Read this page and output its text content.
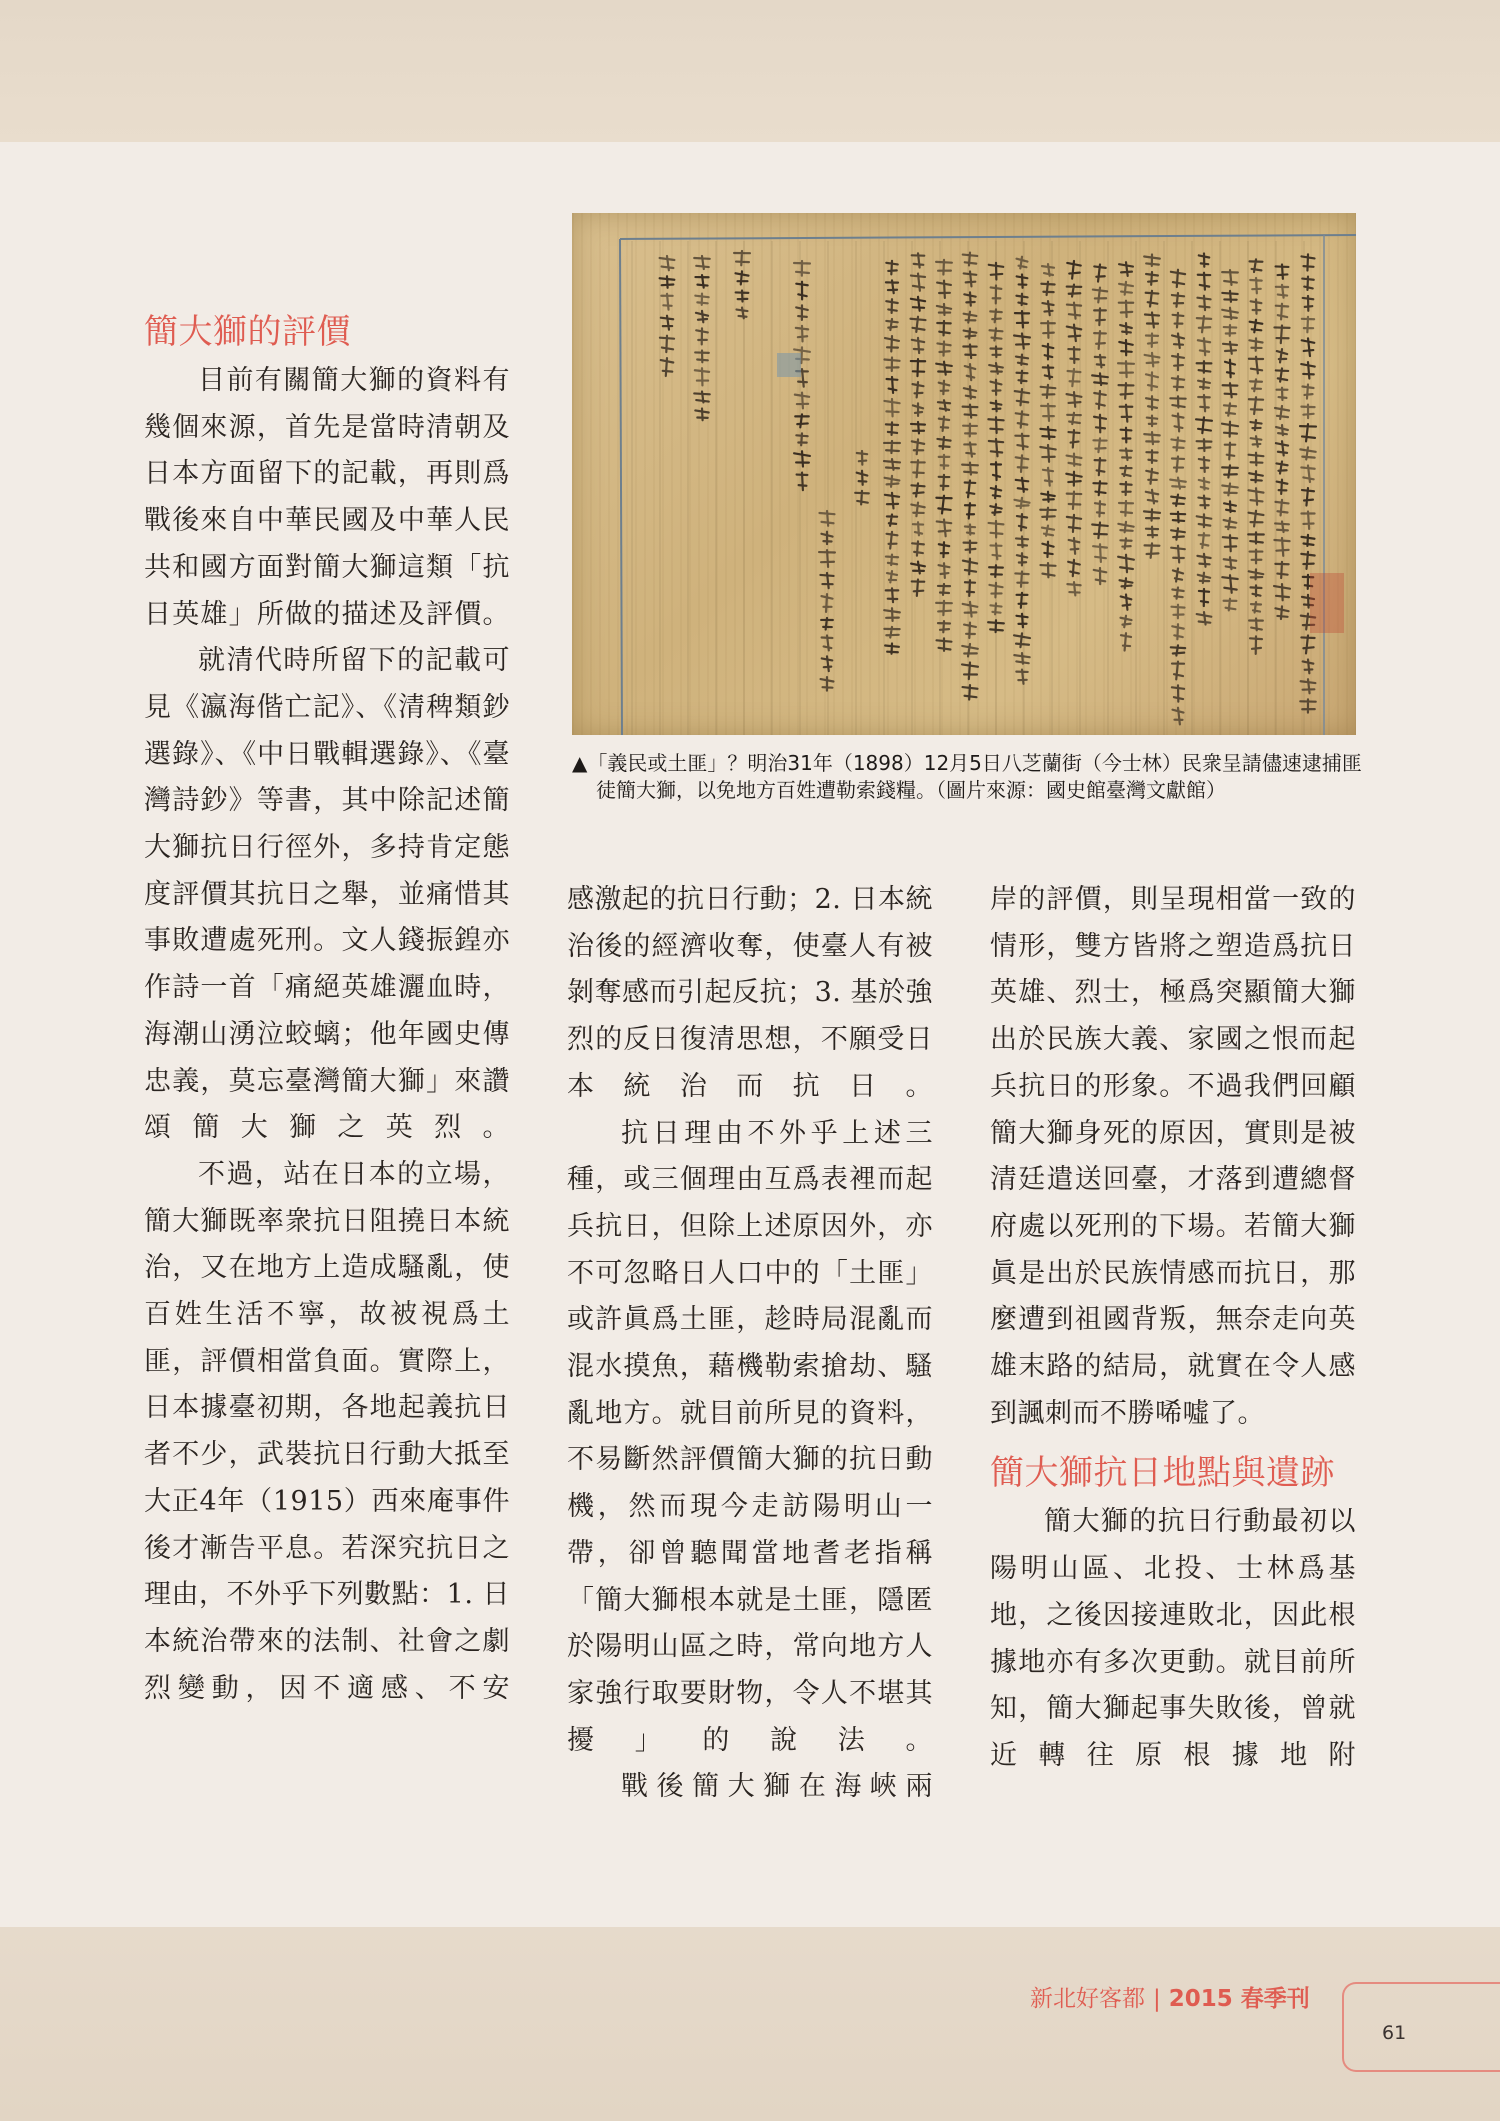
簡大獅的評價

目前有關簡大獅的資料有幾個來源，首先是當時清朝及日本方面留下的記載，再則爲戰後來自中華民國及中華人民共和國方面對簡大獅這類「抗日英雄」所做的描述及評價。

就清代時所留下的記載可見《瀛海偕亡記》、《清稗類鈔選錄》、《中日戰輯選錄》、《臺灣詩鈔》等書，其中除記述簡大獅抗日行徑外，多持肯定態度評價其抗日之舉，並痛惜其事敗遭處死刑。文人錢振鍠亦作詩一首「痛絕英雄灑血時，海潮山湧泣蛟螭；他年國史傳忠義，莫忘臺灣簡大獅」來讚頌簡大獅之英烈。

不過，站在日本的立場，簡大獅既率衆抗日阻撓日本統治，又在地方上造成騷亂，使百姓生活不寧，故被視爲土匪，評價相當負面。實際上，日本據臺初期，各地起義抗日者不少，武裝抗日行動大抵至大正4年（1915）西來庵事件後才漸告平息。若深究抗日之理由，不外乎下列數點：1. 日本統治帶來的法制、社會之劇烈變動，因不適感、不安

▲「義民或土匪」？明治31年（1898）12月5日八芝蘭街（今士林）民衆呈請儘速逮捕匪徒簡大獅，以免地方百姓遭勒索錢糧。（圖片來源：國史館臺灣文獻館）

感激起的抗日行動；2. 日本統治後的經濟收奪，使臺人有被剝奪感而引起反抗；3. 基於強烈的反日復清思想，不願受日本統治而抗日。

抗日理由不外乎上述三種，或三個理由互爲表裡而起兵抗日，但除上述原因外，亦不可忽略日人口中的「土匪」或許眞爲土匪，趁時局混亂而混水摸魚，藉機勒索搶劫、騷亂地方。就目前所見的資料，不易斷然評價簡大獅的抗日動機，然而現今走訪陽明山一帶，卻曾聽聞當地耆老指稱「簡大獅根本就是土匪，隱匿於陽明山區之時，常向地方人家強行取要財物，令人不堪其擾」的說法。

戰後簡大獅在海峽兩

岸的評價，則呈現相當一致的情形，雙方皆將之塑造爲抗日英雄、烈士，極爲突顯簡大獅出於民族大義、家國之恨而起兵抗日的形象。不過我們回顧簡大獅身死的原因，實則是被清廷遣送回臺，才落到遭總督府處以死刑的下場。若簡大獅眞是出於民族情感而抗日，那麼遭到祖國背叛，無奈走向英雄末路的結局，就實在令人感到諷刺而不勝唏噓了。

簡大獅抗日地點與遺跡

簡大獅的抗日行動最初以陽明山區、北投、士林爲基地，之後因接連敗北，因此根據地亦有多次更動。就目前所知，簡大獅起事失敗後，曾就近轉往原根據地附

新北好客都 | 2015 春季刊
61
